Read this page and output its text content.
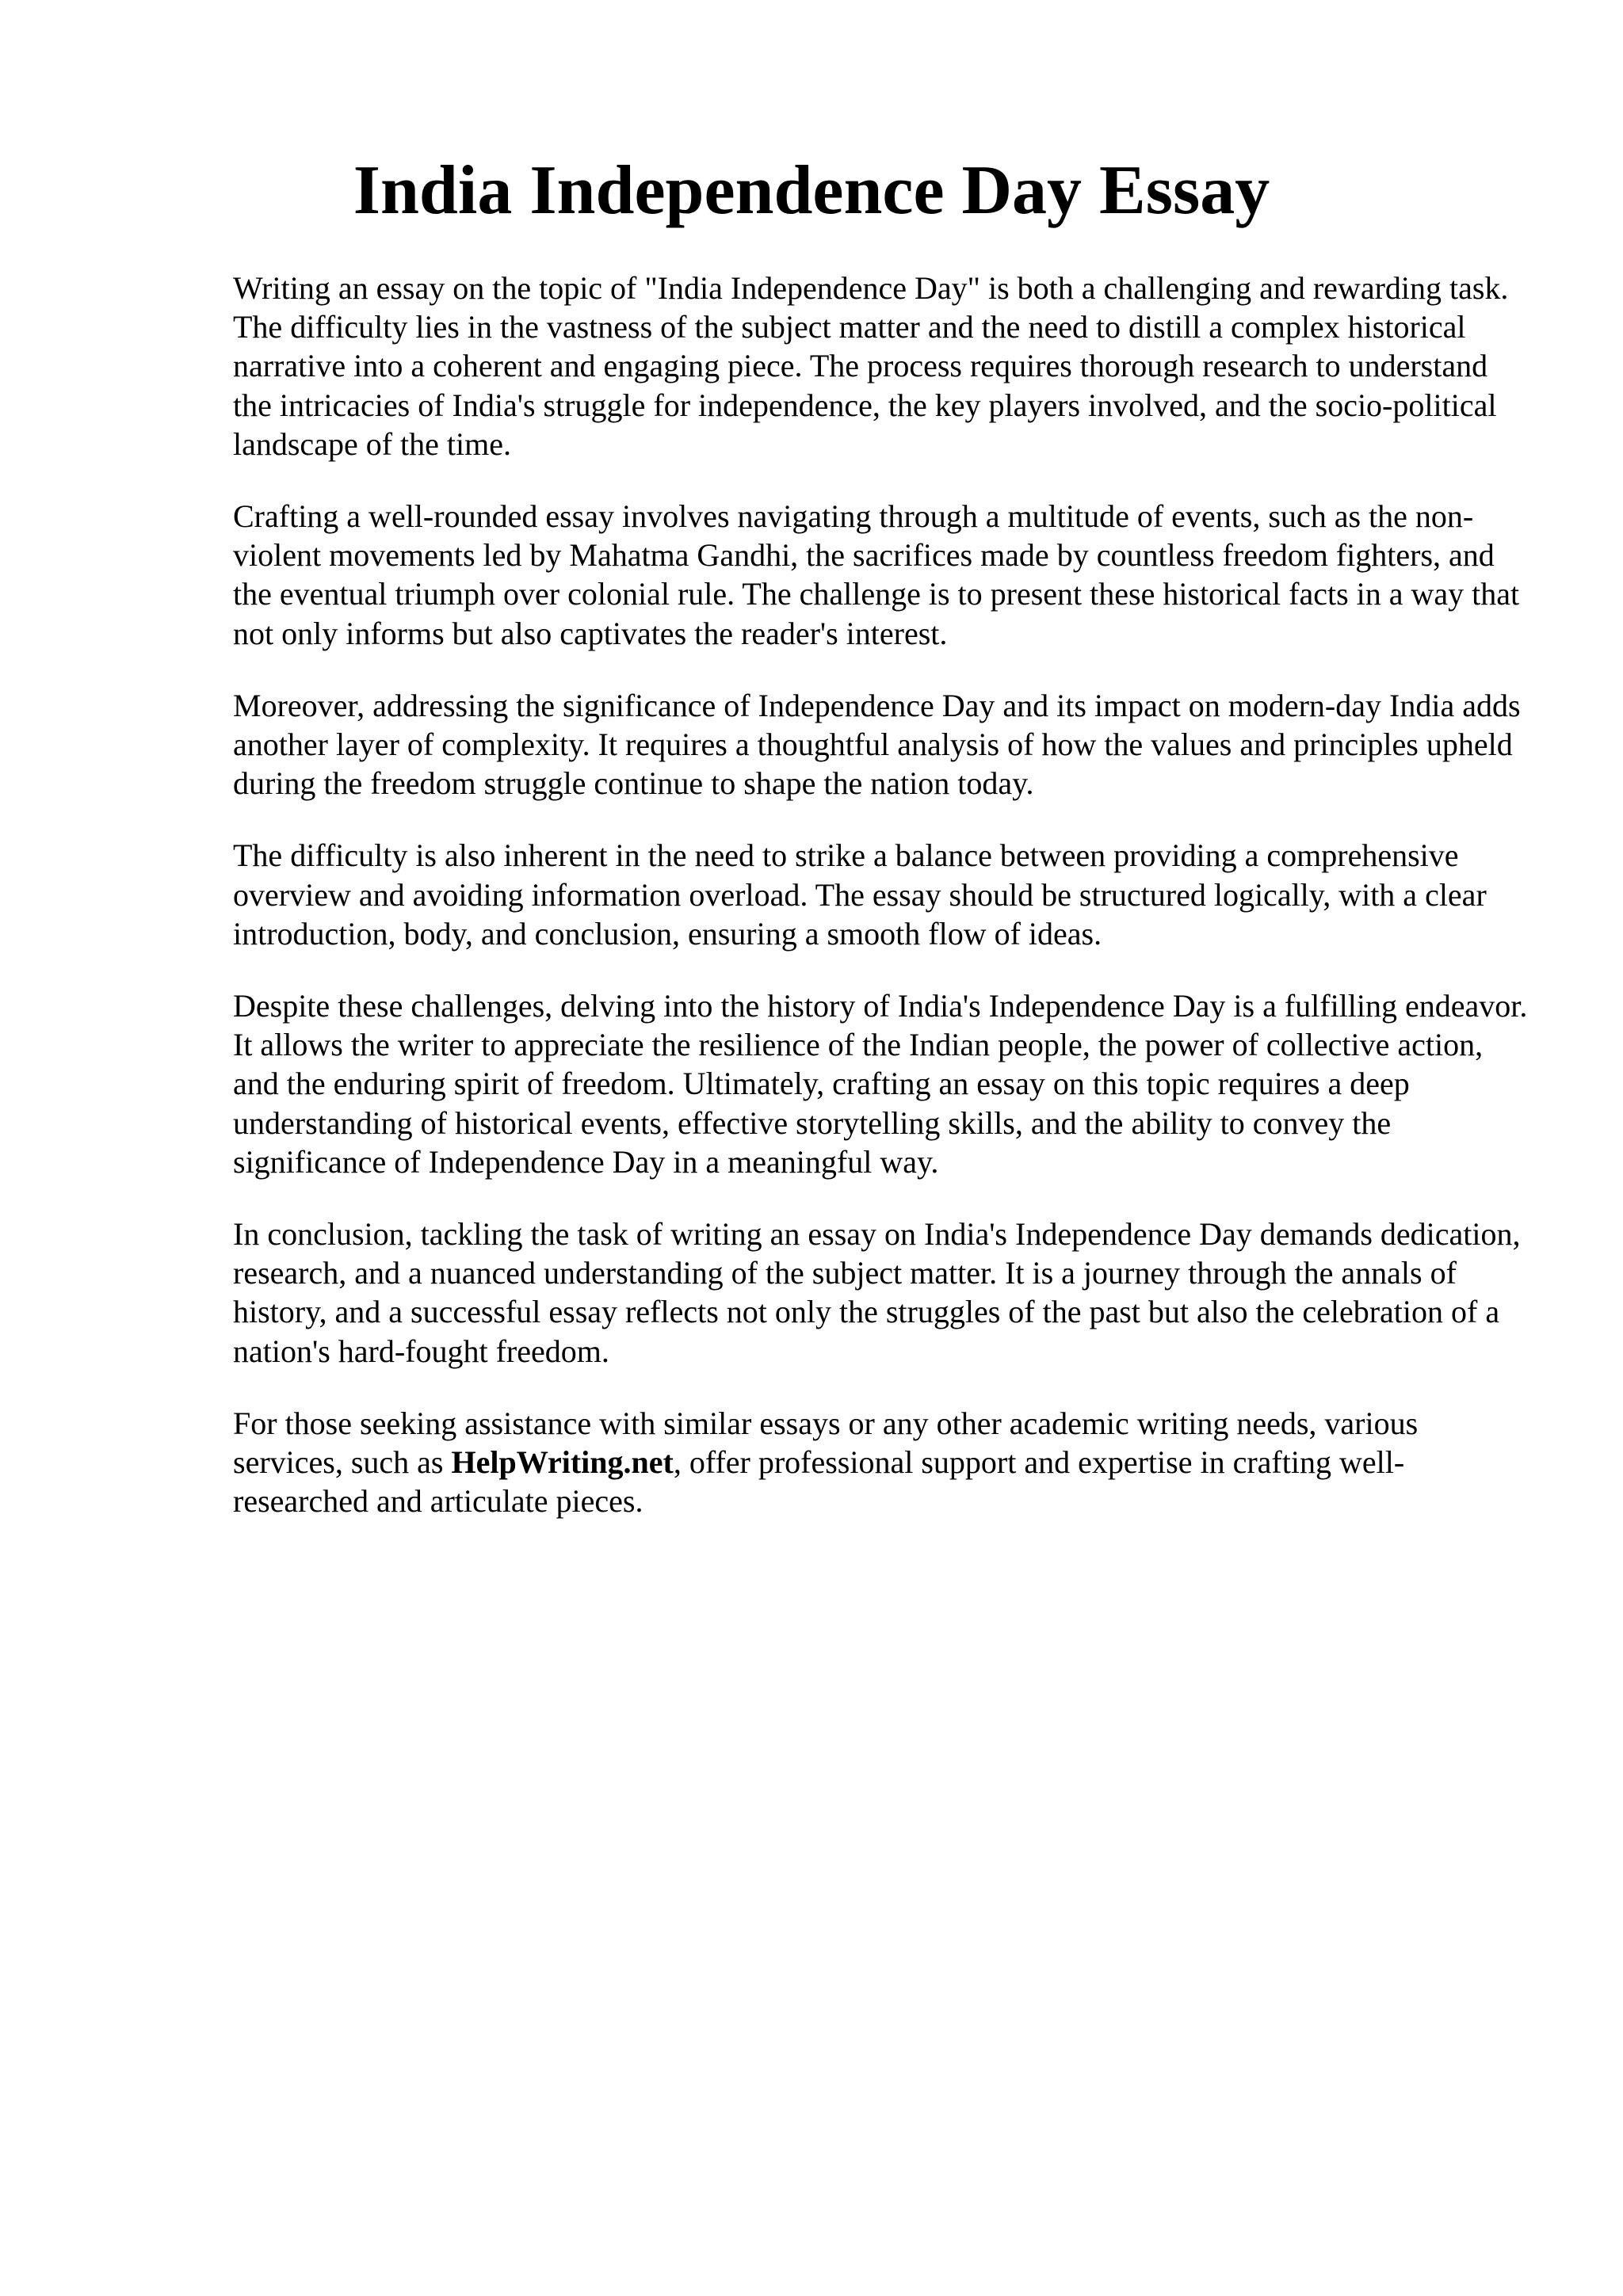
India Independence Day Essay

Writing an essay on the topic of "India Independence Day" is both a challenging and rewarding task. The difficulty lies in the vastness of the subject matter and the need to distill a complex historical narrative into a coherent and engaging piece. The process requires thorough research to understand the intricacies of India's struggle for independence, the key players involved, and the socio-political landscape of the time.

Crafting a well-rounded essay involves navigating through a multitude of events, such as the non-violent movements led by Mahatma Gandhi, the sacrifices made by countless freedom fighters, and the eventual triumph over colonial rule. The challenge is to present these historical facts in a way that not only informs but also captivates the reader's interest.

Moreover, addressing the significance of Independence Day and its impact on modern-day India adds another layer of complexity. It requires a thoughtful analysis of how the values and principles upheld during the freedom struggle continue to shape the nation today.

The difficulty is also inherent in the need to strike a balance between providing a comprehensive overview and avoiding information overload. The essay should be structured logically, with a clear introduction, body, and conclusion, ensuring a smooth flow of ideas.

Despite these challenges, delving into the history of India's Independence Day is a fulfilling endeavor. It allows the writer to appreciate the resilience of the Indian people, the power of collective action, and the enduring spirit of freedom. Ultimately, crafting an essay on this topic requires a deep understanding of historical events, effective storytelling skills, and the ability to convey the significance of Independence Day in a meaningful way.

In conclusion, tackling the task of writing an essay on India's Independence Day demands dedication, research, and a nuanced understanding of the subject matter. It is a journey through the annals of history, and a successful essay reflects not only the struggles of the past but also the celebration of a nation's hard-fought freedom.

For those seeking assistance with similar essays or any other academic writing needs, various services, such as HelpWriting.net, offer professional support and expertise in crafting well-researched and articulate pieces.
